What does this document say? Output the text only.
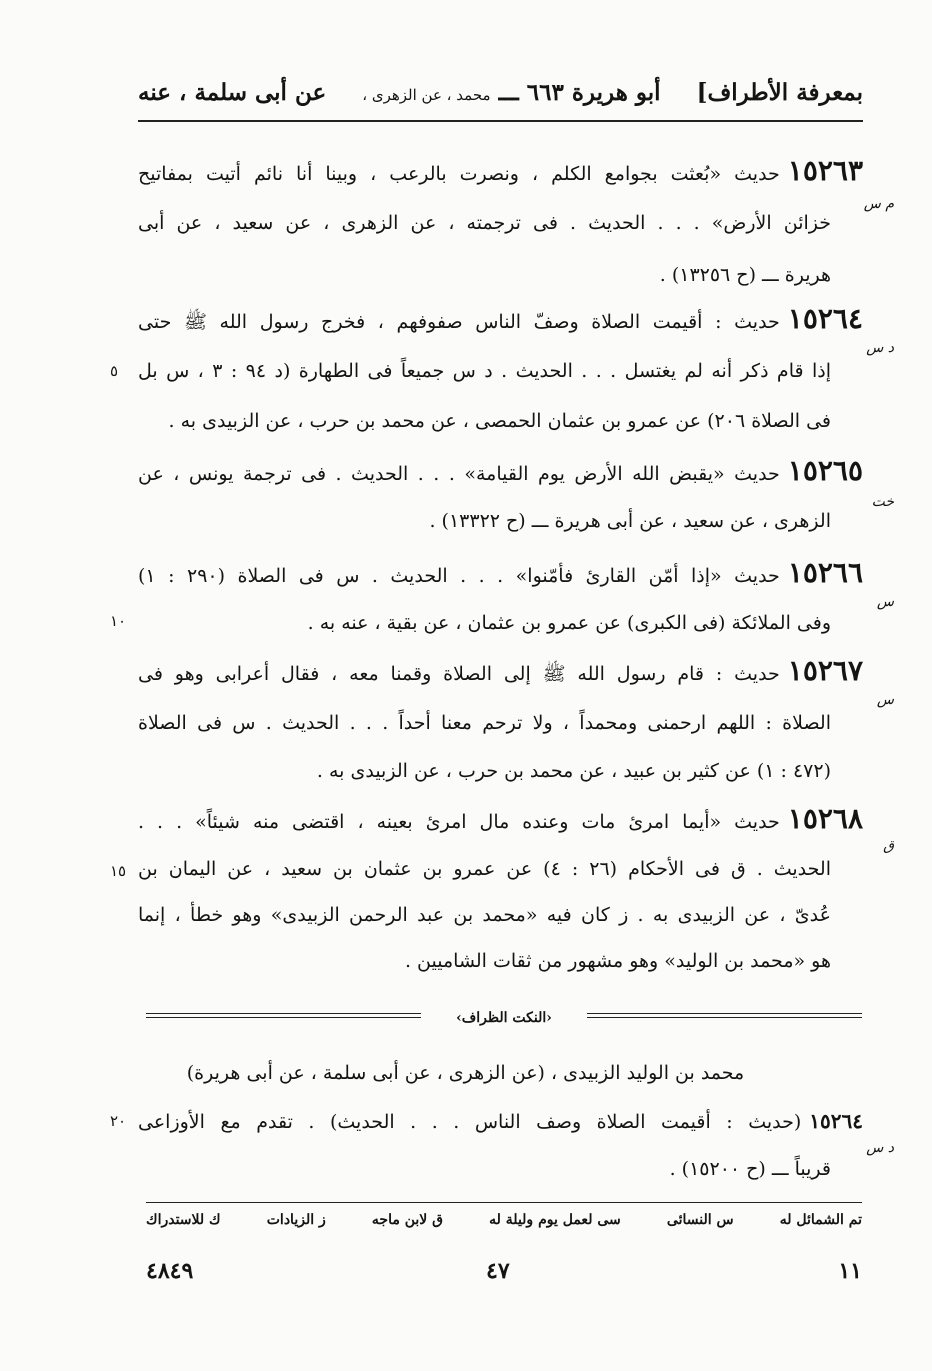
بمعرفة الأطراف]
أبو هريرة ٦٦٣ ـــ محمد ، عن الزهرى ،
عن أبى سلمة ، عنه
١٥٢٦٣حديث «بُعثت بجوامع الكلم ، ونصرت بالرعب ، وبينا أنا نائم أتيت بمفاتيح
خزائن الأرض» . . . الحديث . فى ترجمته ، عن الزهرى ، عن سعيد ، عن أبى
هريرة ـــ (ح ١٣٢٥٦) .
م س
١٥٢٦٤حديث : أقيمت الصلاة وصفّ الناس صفوفهم ، فخرج رسول الله ﷺ حتى
إذا قام ذكر أنه لم يغتسل . . . الحديث . د س جميعاً فى الطهارة (د ٩٤ : ٣ ، س بل
فى الصلاة ٢٠٦) عن عمرو بن عثمان الحمصى ، عن محمد بن حرب ، عن الزبيدى به .
د س
٥
١٥٢٦٥حديث «يقبض الله الأرض يوم القيامة» . . . الحديث . فى ترجمة يونس ، عن
الزهرى ، عن سعيد ، عن أبى هريرة ـــ (ح ١٣٣٢٢) .
خت
١٥٢٦٦حديث «إذا أمّن القارئ فأمّنوا» . . . الحديث . س فى الصلاة (٢٩٠ : ١)
وفى الملائكة (فى الكبرى) عن عمرو بن عثمان ، عن بقية ، عنه به .
س
١٠
١٥٢٦٧حديث : قام رسول الله ﷺ إلى الصلاة وقمنا معه ، فقال أعرابى وهو فى
الصلاة : اللهم ارحمنى ومحمداً ، ولا ترحم معنا أحداً . . . الحديث . س فى الصلاة
(٤٧٢ : ١) عن كثير بن عبيد ، عن محمد بن حرب ، عن الزبيدى به .
س
١٥٢٦٨حديث «أيما امرئ مات وعنده مال امرئ بعينه ، اقتضى منه شيئاً» . . .
الحديث . ق فى الأحكام (٢٦ : ٤) عن عمرو بن عثمان بن سعيد ، عن اليمان بن
عُدىّ ، عن الزبيدى به . ز كان فيه «محمد بن عبد الرحمن الزبيدى» وهو خطأ ، إنما
هو «محمد بن الوليد» وهو مشهور من ثقات الشاميين .
ق
١٥
‹ النكت الظراف ›
محمد بن الوليد الزبيدى ، (عن الزهرى ، عن أبى سلمة ، عن أبى هريرة)
١٥٢٦٤(حديث : أقيمت الصلاة وصف الناس . . . الحديث) . تقدم مع الأوزاعى
قريباً ـــ (ح ١٥٢٠٠) .
د س
٢٠
تم الشمائل له
س النسائى
سى لعمل يوم وليلة له
ق لابن ماجه
ز الزيادات
ك للاستدراك
١١
٤٧
٤٨٤٩
